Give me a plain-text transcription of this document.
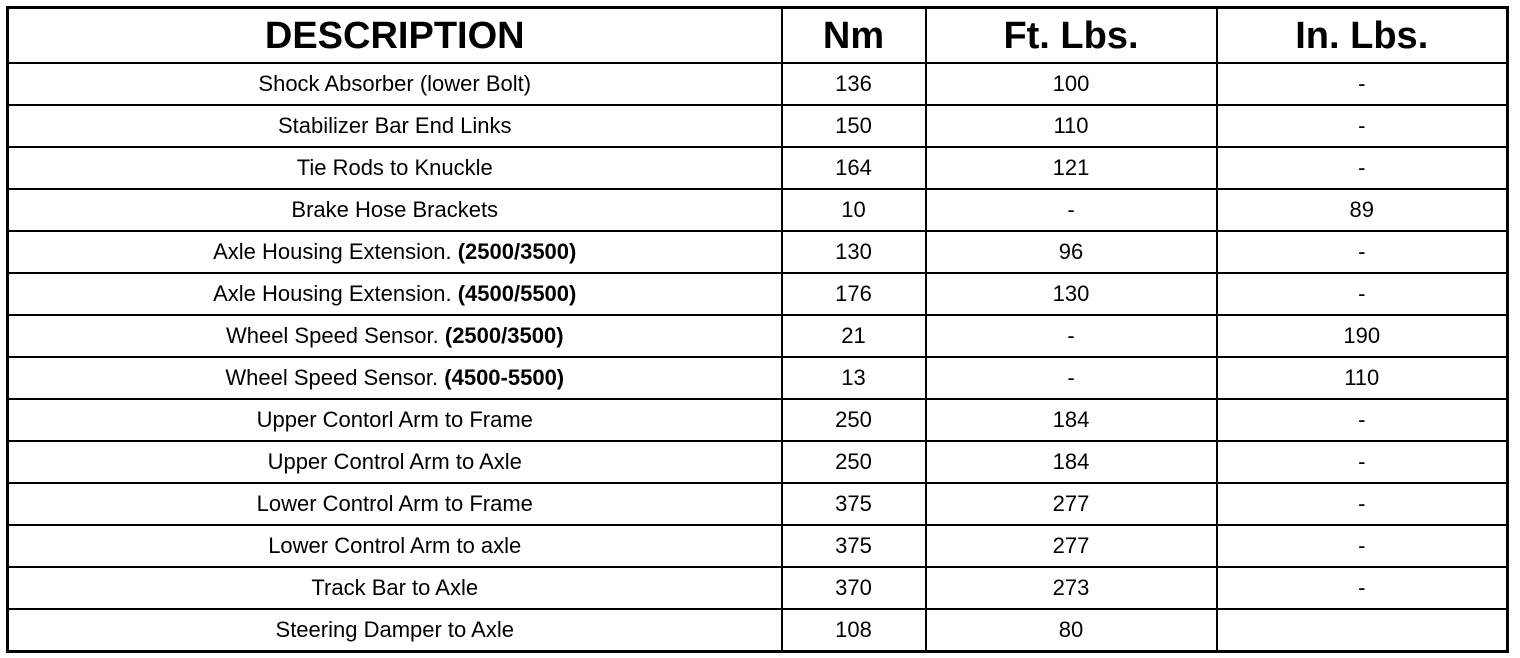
DESCRIPTION	Nm	Ft. Lbs.	In. Lbs.
Shock Absorber (lower Bolt)	136	100	-
Stabilizer Bar End Links	150	110	-
Tie Rods to Knuckle	164	121	-
Brake Hose Brackets	10	-	89
Axle Housing Extension. (2500/3500)	130	96	-
Axle Housing Extension. (4500/5500)	176	130	-
Wheel Speed Sensor. (2500/3500)	21	-	190
Wheel Speed Sensor. (4500-5500)	13	-	110
Upper Contorl Arm to Frame	250	184	-
Upper Control Arm to Axle	250	184	-
Lower Control Arm to Frame	375	277	-
Lower Control Arm to axle	375	277	-
Track Bar to Axle	370	273	-
Steering Damper to Axle	108	80	
